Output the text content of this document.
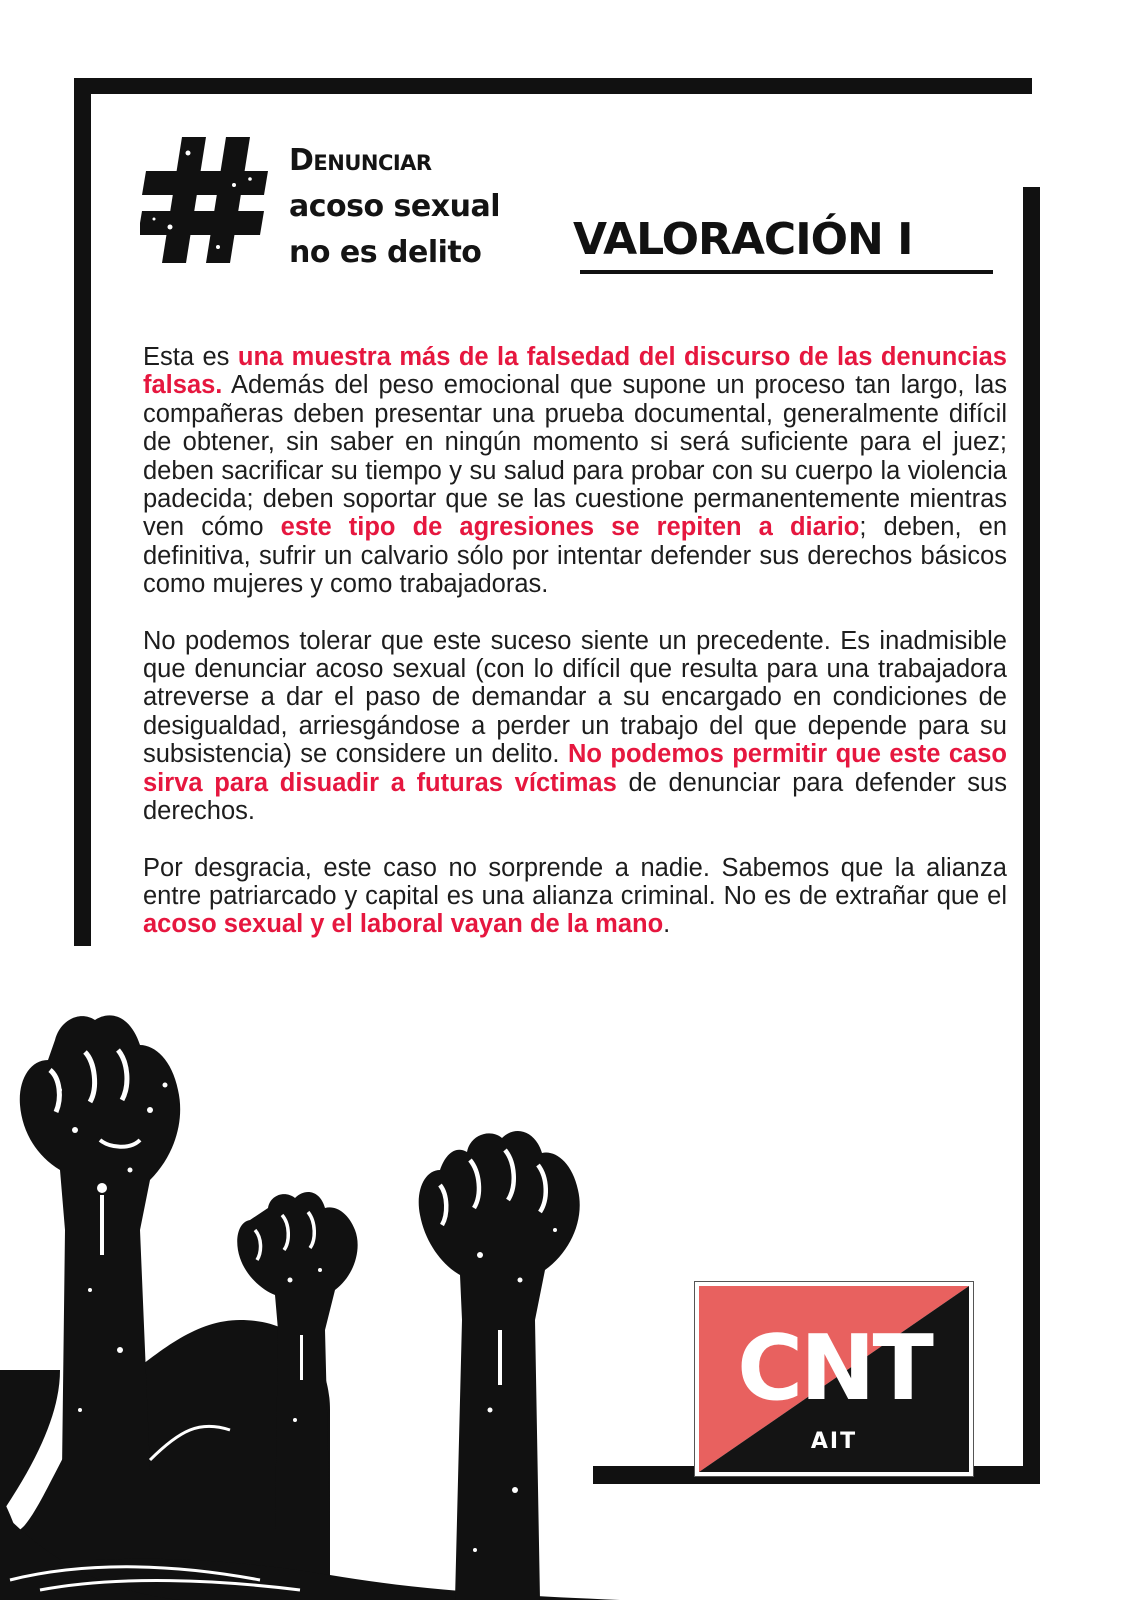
Denunciar
acoso sexual
no es delito	VALORACIÓN I

Esta es una muestra más de la falsedad del discurso de las denuncias falsas. Además del peso emocional que supone un proceso tan largo, las compañeras deben presentar una prueba documental, generalmente difícil de obtener, sin saber en ningún momento si será suficiente para el juez; deben sacrificar su tiempo y su salud para probar con su cuerpo la violencia padecida; deben soportar que se las cuestione permanentemente mientras ven cómo este tipo de agresiones se repiten a diario; deben, en definitiva, sufrir un calvario sólo por intentar defender sus derechos básicos como mujeres y como trabajadoras.

No podemos tolerar que este suceso siente un precedente. Es inadmisible que denunciar acoso sexual (con lo difícil que resulta para una trabajadora atreverse a dar el paso de demandar a su encargado en condiciones de desigualdad, arriesgándose a perder un trabajo del que depende para su subsistencia) se considere un delito. No podemos permitir que este caso sirva para disuadir a futuras víctimas de denunciar para defender sus derechos.

Por desgracia, este caso no sorprende a nadie. Sabemos que la alianza entre patriarcado y capital es una alianza criminal. No es de extrañar que el acoso sexual y el laboral vayan de la mano.

CNT
AIT
